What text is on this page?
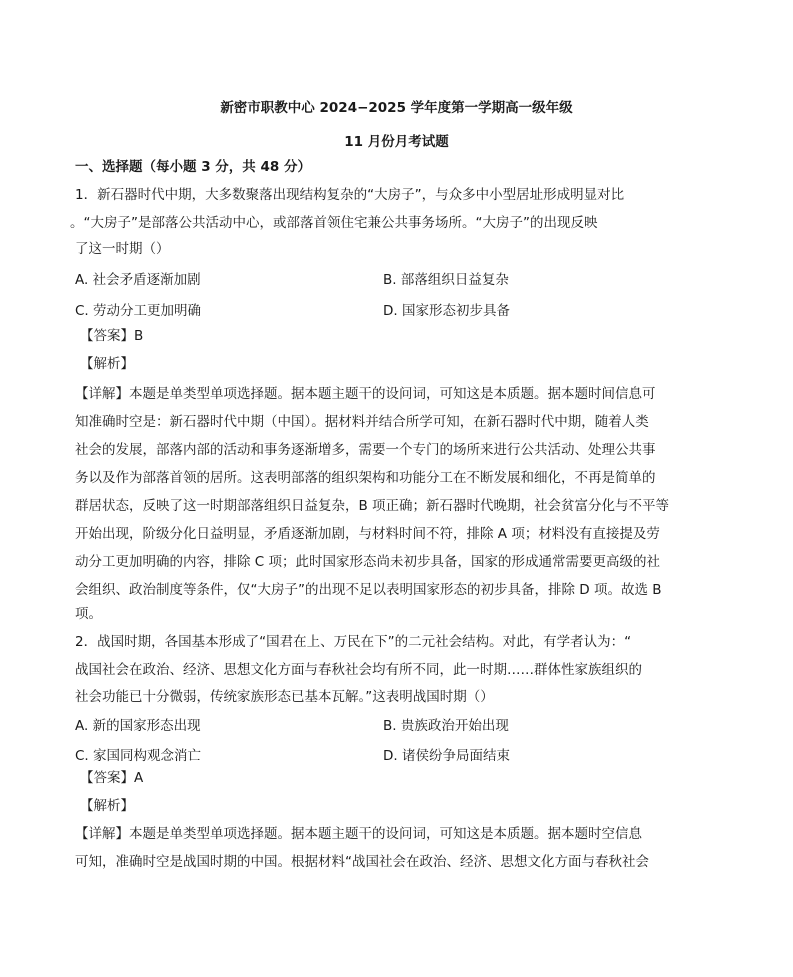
新密市职教中心 2024−2025 学年度第一学期高一级年级
11 月份月考试题
一、选择题（每小题 3 分，共 48 分）
1．新石器时代中期，大多数聚落出现结构复杂的“大房子”，与众多中小型居址形成明显对比
。“大房子”是部落公共活动中心，或部落首领住宅兼公共事务场所。“大房子”的出现反映
了这一时期（）
A. 社会矛盾逐渐加剧	B. 部落组织日益复杂
C. 劳动分工更加明确	D. 国家形态初步具备
【答案】B
【解析】
【详解】本题是单类型单项选择题。据本题主题干的设问词，可知这是本质题。据本题时间信息可
知准确时空是：新石器时代中期（中国）。据材料并结合所学可知，在新石器时代中期，随着人类
社会的发展，部落内部的活动和事务逐渐增多，需要一个专门的场所来进行公共活动、处理公共事
务以及作为部落首领的居所。这表明部落的组织架构和功能分工在不断发展和细化，不再是简单的
群居状态，反映了这一时期部落组织日益复杂，B 项正确；新石器时代晚期，社会贫富分化与不平等
开始出现，阶级分化日益明显，矛盾逐渐加剧，与材料时间不符，排除 A 项；材料没有直接提及劳
动分工更加明确的内容，排除 C 项；此时国家形态尚未初步具备，国家的形成通常需要更高级的社
会组织、政治制度等条件，仅“大房子”的出现不足以表明国家形态的初步具备，排除 D 项。故选 B
项。
2．战国时期，各国基本形成了“国君在上、万民在下”的二元社会结构。对此，有学者认为：“
战国社会在政治、经济、思想文化方面与春秋社会均有所不同，此一时期……群体性家族组织的
社会功能已十分微弱，传统家族形态已基本瓦解。”这表明战国时期（）
A. 新的国家形态出现	B. 贵族政治开始出现
C. 家国同构观念消亡	D. 诸侯纷争局面结束
【答案】A
【解析】
【详解】本题是单类型单项选择题。据本题主题干的设问词，可知这是本质题。据本题时空信息
可知，准确时空是战国时期的中国。根据材料“战国社会在政治、经济、思想文化方面与春秋社会
